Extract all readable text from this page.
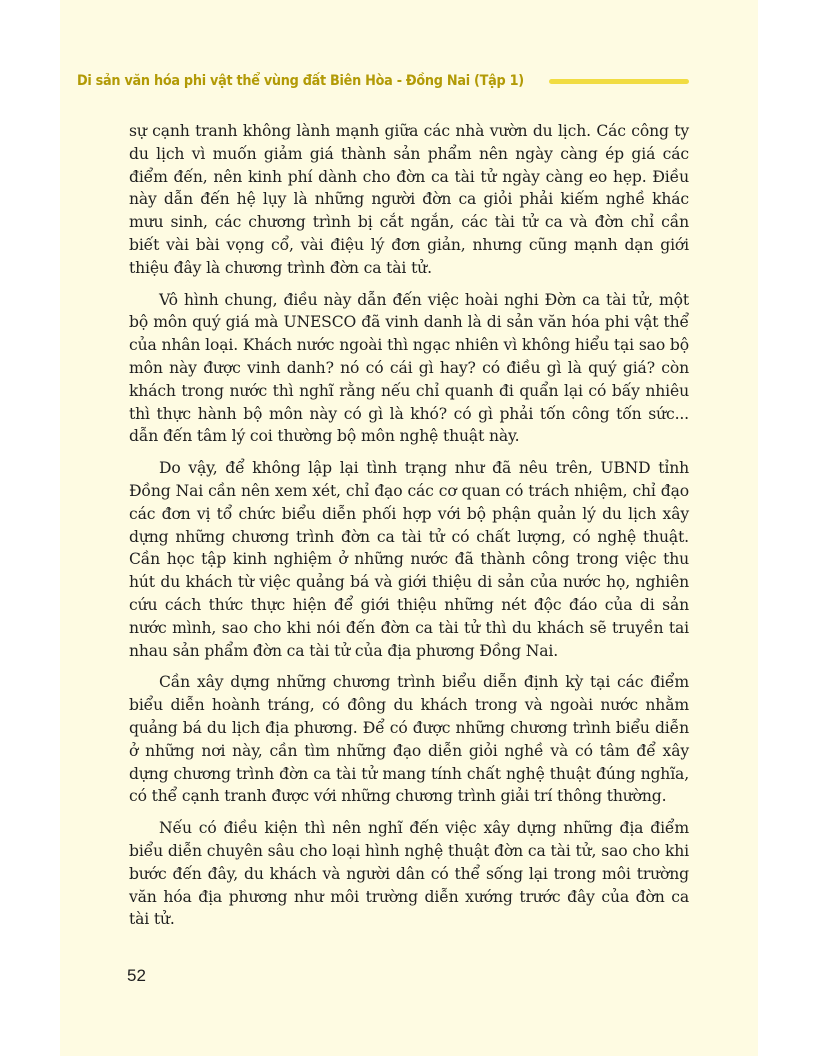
Di sản văn hóa phi vật thể vùng đất Biên Hòa - Đồng Nai (Tập 1)

sự cạnh tranh không lành mạnh giữa các nhà vườn du lịch. Các công ty du lịch vì muốn giảm giá thành sản phẩm nên ngày càng ép giá các điểm đến, nên kinh phí dành cho đờn ca tài tử ngày càng eo hẹp. Điều này dẫn đến hệ lụy là những người đờn ca giỏi phải kiếm nghề khác mưu sinh, các chương trình bị cắt ngắn, các tài tử ca và đờn chỉ cần biết vài bài vọng cổ, vài điệu lý đơn giản, nhưng cũng mạnh dạn giới thiệu đây là chương trình đờn ca tài tử.

Vô hình chung, điều này dẫn đến việc hoài nghi Đờn ca tài tử, một bộ môn quý giá mà UNESCO đã vinh danh là di sản văn hóa phi vật thể của nhân loại. Khách nước ngoài thì ngạc nhiên vì không hiểu tại sao bộ môn này được vinh danh? nó có cái gì hay? có điều gì là quý giá? còn khách trong nước thì nghĩ rằng nếu chỉ quanh đi quẩn lại có bấy nhiêu thì thực hành bộ môn này có gì là khó? có gì phải tốn công tốn sức... dẫn đến tâm lý coi thường bộ môn nghệ thuật này.

Do vậy, để không lập lại tình trạng như đã nêu trên, UBND tỉnh Đồng Nai cần nên xem xét, chỉ đạo các cơ quan có trách nhiệm, chỉ đạo các đơn vị tổ chức biểu diễn phối hợp với bộ phận quản lý du lịch xây dựng những chương trình đờn ca tài tử có chất lượng, có nghệ thuật. Cần học tập kinh nghiệm ở những nước đã thành công trong việc thu hút du khách từ việc quảng bá và giới thiệu di sản của nước họ, nghiên cứu cách thức thực hiện để giới thiệu những nét độc đáo của di sản nước mình, sao cho khi nói đến đờn ca tài tử thì du khách sẽ truyền tai nhau sản phẩm đờn ca tài tử của địa phương Đồng Nai.

Cần xây dựng những chương trình biểu diễn định kỳ tại các điểm biểu diễn hoành tráng, có đông du khách trong và ngoài nước nhằm quảng bá du lịch địa phương. Để có được những chương trình biểu diễn ở những nơi này, cần tìm những đạo diễn giỏi nghề và có tâm để xây dựng chương trình đờn ca tài tử mang tính chất nghệ thuật đúng nghĩa, có thể cạnh tranh được với những chương trình giải trí thông thường.

Nếu có điều kiện thì nên nghĩ đến việc xây dựng những địa điểm biểu diễn chuyên sâu cho loại hình nghệ thuật đờn ca tài tử, sao cho khi bước đến đây, du khách và người dân có thể sống lại trong môi trường văn hóa địa phương như môi trường diễn xướng trước đây của đờn ca tài tử.

52
